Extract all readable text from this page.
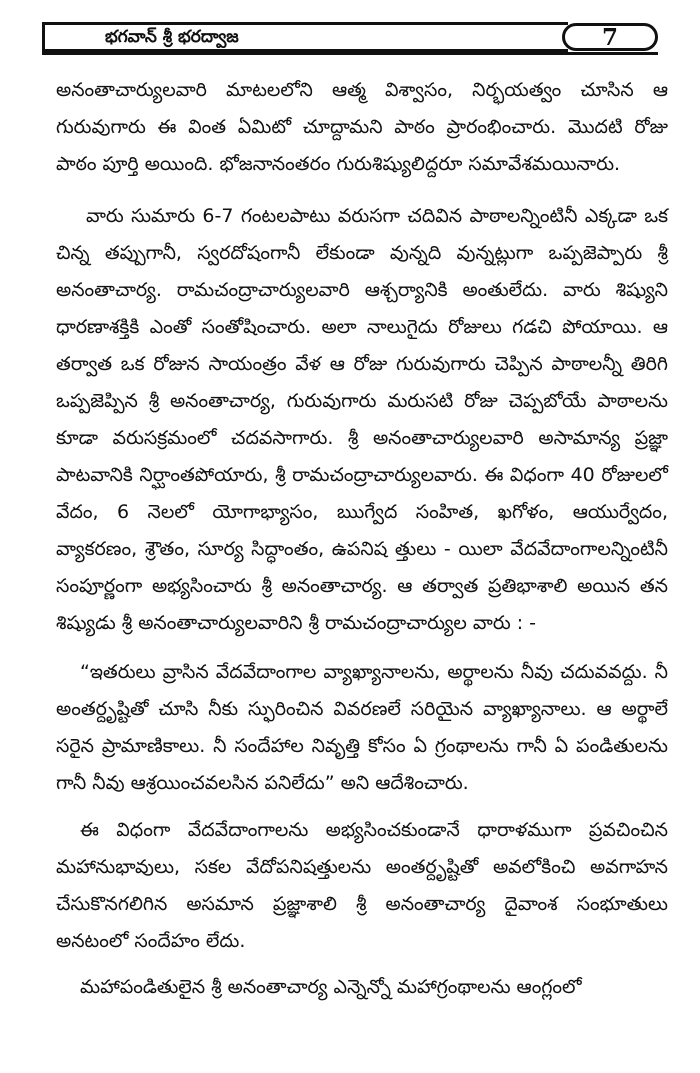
భగవాన్ శ్రీ భరద్వాజ	7

అనంతాచార్యులవారి మాటలలోని ఆత్మ విశ్వాసం, నిర్భయత్వం చూసిన ఆ గురువుగారు ఈ వింత ఏమిటో చూద్దామని పాఠం ప్రారంభించారు. మొదటి రోజు పాఠం పూర్తి అయింది. భోజనానంతరం గురుశిష్యులిద్దరూ సమావేశమయినారు.

వారు సుమారు 6-7 గంటలపాటు వరుసగా చదివిన పాఠాలన్నింటినీ ఎక్కడా ఒక చిన్న తప్పుగానీ, స్వరదోషంగానీ లేకుండా వున్నది వున్నట్లుగా ఒప్పజెప్పారు శ్రీ అనంతాచార్య. రామచంద్రాచార్యులవారి ఆశ్చర్యానికి అంతులేదు. వారు శిష్యుని ధారణాశక్తికి ఎంతో సంతోషించారు. అలా నాలుగైదు రోజులు గడచి పోయాయి. ఆ తర్వాత ఒక రోజున సాయంత్రం వేళ ఆ రోజు గురువుగారు చెప్పిన పాఠాలన్నీ తిరిగి ఒప్పజెప్పిన శ్రీ అనంతాచార్య, గురువుగారు మరుసటి రోజు చెప్పబోయే పాఠాలను కూడా వరుసక్రమంలో చదవసాగారు. శ్రీ అనంతాచార్యులవారి అసామాన్య ప్రజ్ఞా పాటవానికి నిర్ఘాంతపోయారు, శ్రీ రామచంద్రాచార్యులవారు. ఈ విధంగా 40 రోజులలో వేదం, 6 నెలలో యోగాభ్యాసం, ఋగ్వేద సంహిత, ఖగోళం, ఆయుర్వేదం, వ్యాకరణం, శ్రౌతం, సూర్య సిద్ధాంతం, ఉపనిష త్తులు - యిలా వేదవేదాంగాలన్నింటినీ సంపూర్ణంగా అభ్యసించారు శ్రీ అనంతాచార్య. ఆ తర్వాత ప్రతిభాశాలి అయిన తన శిష్యుడు శ్రీ అనంతాచార్యులవారిని శ్రీ రామచంద్రాచార్యుల వారు : -

“ఇతరులు వ్రాసిన వేదవేదాంగాల వ్యాఖ్యానాలను, అర్థాలను నీవు చదువవద్దు. నీ అంతర్దృష్టితో చూసి నీకు స్ఫురించిన వివరణలే సరియైన వ్యాఖ్యానాలు. ఆ అర్థాలే సరైన ప్రామాణికాలు. నీ సందేహాల నివృత్తి కోసం ఏ గ్రంథాలను గానీ ఏ పండితులను గానీ నీవు ఆశ్రయించవలసిన పనిలేదు” అని ఆదేశించారు.

ఈ విధంగా వేదవేదాంగాలను అభ్యసించకుండానే ధారాళముగా ప్రవచించిన మహానుభావులు, సకల వేదోపనిషత్తులను అంతర్దృష్టితో అవలోకించి అవగాహన చేసుకొనగలిగిన అసమాన ప్రజ్ఞాశాలి శ్రీ అనంతాచార్య దైవాంశ సంభూతులు అనటంలో సందేహం లేదు.

మహాపండితులైన శ్రీ అనంతాచార్య ఎన్నెన్నో మహాగ్రంథాలను ఆంగ్లంలో
